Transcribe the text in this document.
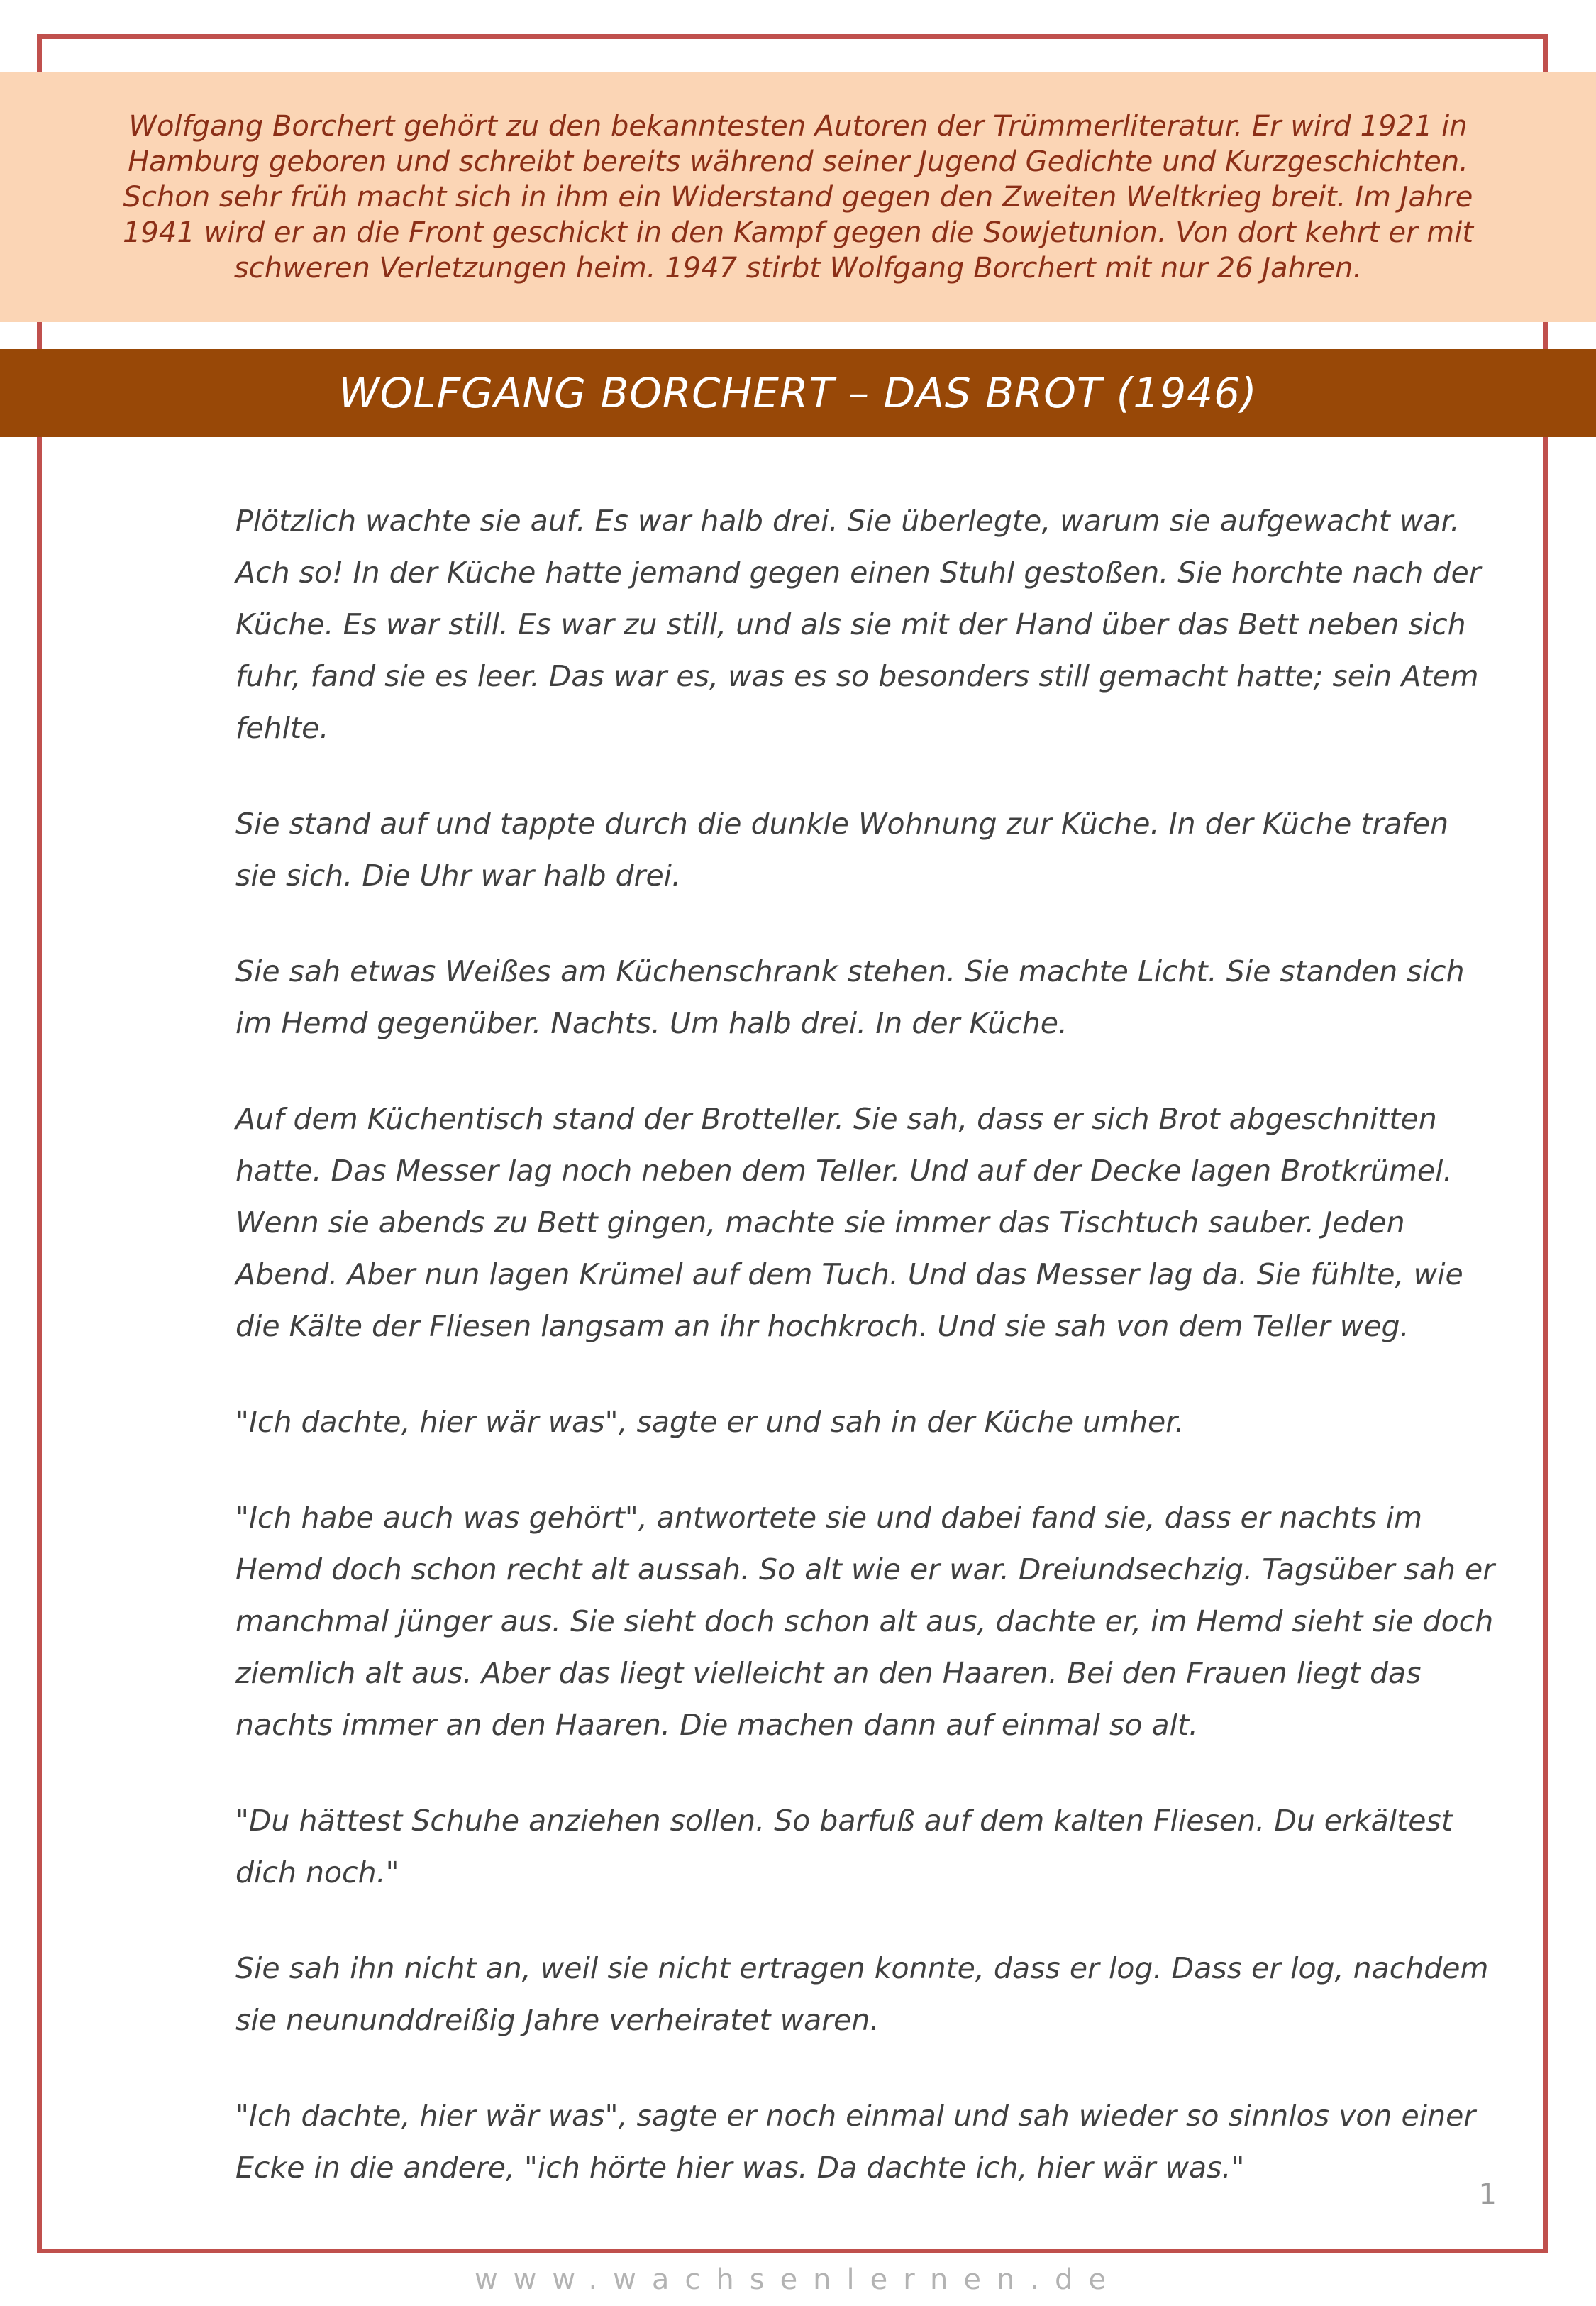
Wolfgang Borchert gehört zu den bekanntesten Autoren der Trümmerliteratur. Er wird 1921 in Hamburg geboren und schreibt bereits während seiner Jugend Gedichte und Kurzgeschichten. Schon sehr früh macht sich in ihm ein Widerstand gegen den Zweiten Weltkrieg breit. Im Jahre 1941 wird er an die Front geschickt in den Kampf gegen die Sowjetunion. Von dort kehrt er mit schweren Verletzungen heim. 1947 stirbt Wolfgang Borchert mit nur 26 Jahren.

WOLFGANG BORCHERT – DAS BROT (1946)

Plötzlich wachte sie auf. Es war halb drei. Sie überlegte, warum sie aufgewacht war. Ach so! In der Küche hatte jemand gegen einen Stuhl gestoßen. Sie horchte nach der Küche. Es war still. Es war zu still, und als sie mit der Hand über das Bett neben sich fuhr, fand sie es leer. Das war es, was es so besonders still gemacht hatte; sein Atem fehlte.

Sie stand auf und tappte durch die dunkle Wohnung zur Küche. In der Küche trafen sie sich. Die Uhr war halb drei.

Sie sah etwas Weißes am Küchenschrank stehen. Sie machte Licht. Sie standen sich im Hemd gegenüber. Nachts. Um halb drei. In der Küche.

Auf dem Küchentisch stand der Brotteller. Sie sah, dass er sich Brot abgeschnitten hatte. Das Messer lag noch neben dem Teller. Und auf der Decke lagen Brotkrümel. Wenn sie abends zu Bett gingen, machte sie immer das Tischtuch sauber. Jeden Abend. Aber nun lagen Krümel auf dem Tuch. Und das Messer lag da. Sie fühlte, wie die Kälte der Fliesen langsam an ihr hochkroch. Und sie sah von dem Teller weg.

"Ich dachte, hier wär was", sagte er und sah in der Küche umher.

"Ich habe auch was gehört", antwortete sie und dabei fand sie, dass er nachts im Hemd doch schon recht alt aussah. So alt wie er war. Dreiundsechzig. Tagsüber sah er manchmal jünger aus. Sie sieht doch schon alt aus, dachte er, im Hemd sieht sie doch ziemlich alt aus. Aber das liegt vielleicht an den Haaren. Bei den Frauen liegt das nachts immer an den Haaren. Die machen dann auf einmal so alt.

"Du hättest Schuhe anziehen sollen. So barfuß auf dem kalten Fliesen. Du erkältest dich noch."

Sie sah ihn nicht an, weil sie nicht ertragen konnte, dass er log. Dass er log, nachdem sie neununddreißig Jahre verheiratet waren.

"Ich dachte, hier wär was", sagte er noch einmal und sah wieder so sinnlos von einer Ecke in die andere, "ich hörte hier was. Da dachte ich, hier wär was."

1
www.wachsenlernen.de
